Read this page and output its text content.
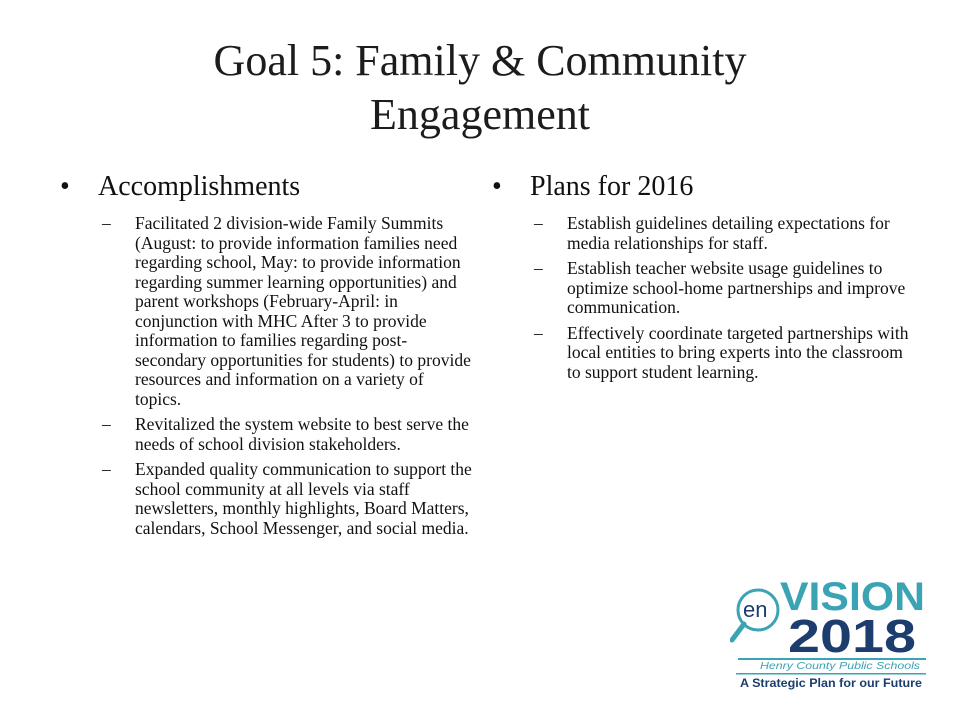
Goal 5: Family & Community
Engagement
• Accomplishments
– Facilitated 2 division-wide Family Summits (August: to provide information families need regarding school, May: to provide information regarding summer learning opportunities) and parent workshops (February-April: in conjunction with MHC After 3 to provide information to families regarding post-secondary opportunities for students) to provide resources and information on a variety of topics.
– Revitalized the system website to best serve the needs of school division stakeholders.
– Expanded quality communication to support the school community at all levels via staff newsletters, monthly highlights, Board Matters, calendars, School Messenger, and social media.
• Plans for 2016
– Establish guidelines detailing expectations for media relationships for staff.
– Establish teacher website usage guidelines to optimize school-home partnerships and improve communication.
– Effectively coordinate targeted partnerships with local entities to bring experts into the classroom to support student learning.
en VISION
2018
Henry County Public Schools
A Strategic Plan for our Future
